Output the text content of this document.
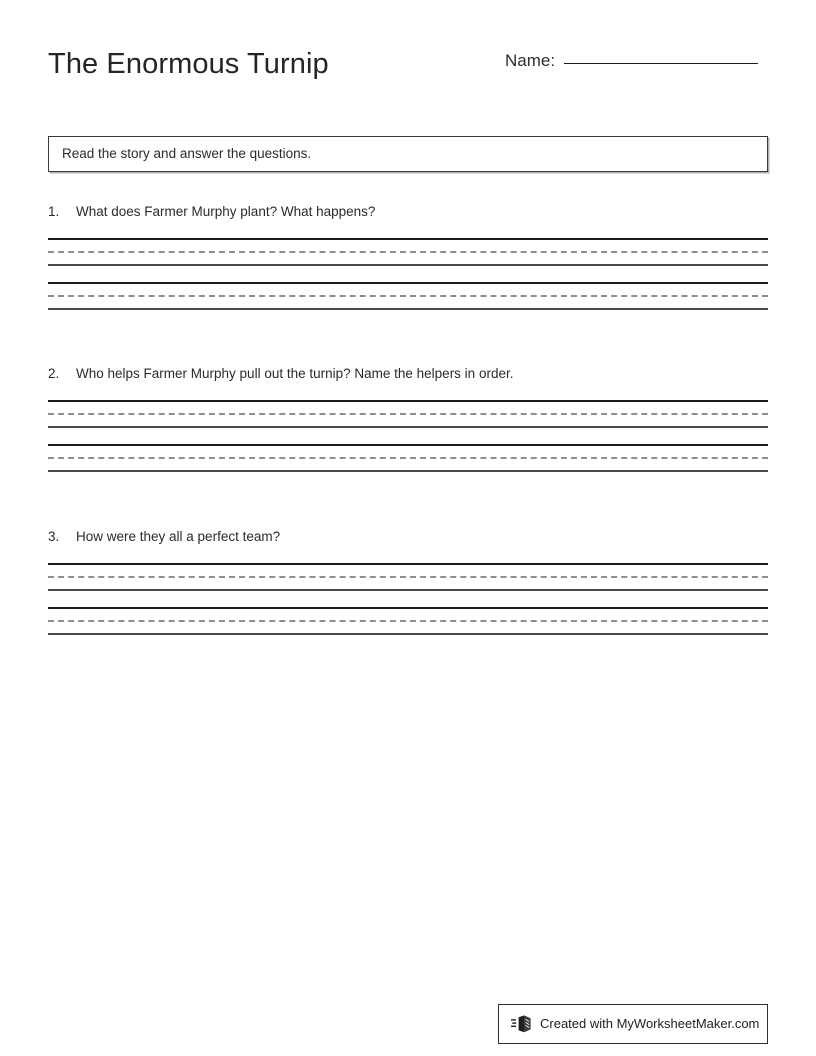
The Enormous Turnip	Name:
Read the story and answer the questions.
1.	What does Farmer Murphy plant? What happens?
2.	Who helps Farmer Murphy pull out the turnip? Name the helpers in order.
3.	How were they all a perfect team?
Created with MyWorksheetMaker.com
